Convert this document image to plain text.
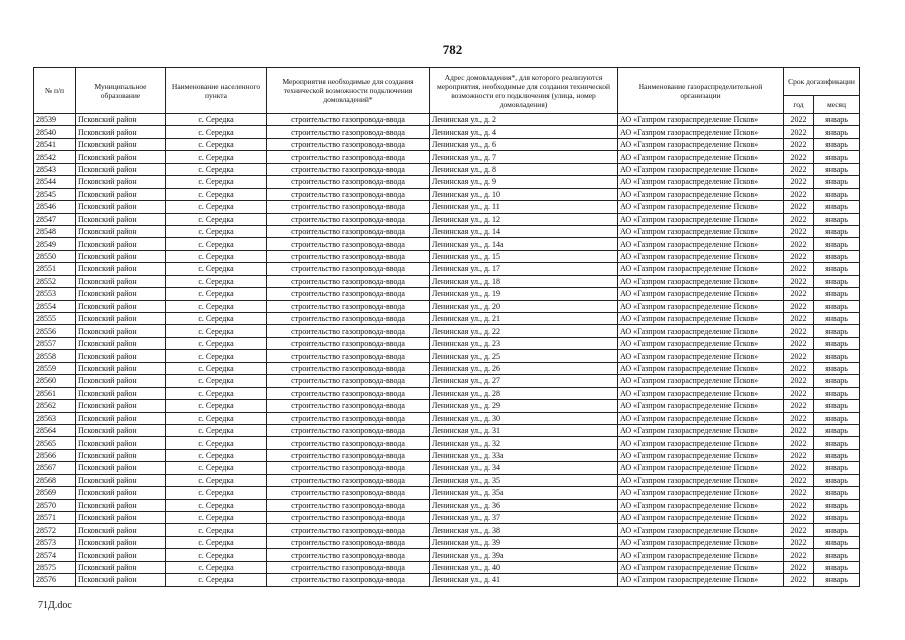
782
№ п/п	Муниципальное образование	Наименование населенного пункта	Мероприятия необходимые для создания технической возможности подключения домовладений*	Адрес домовладения*, для которого реализуются мероприятия, необходимые для создания технической возможности его подключения (улица, номер домовладения)	Наименование газораспределительной организации	Срок догазификации	
						год	месяц
28539	Псковский район	с. Середка	строительство газопровода-ввода	Ленинская ул., д. 2	АО «Газпром газораспределение Псков»	2022	январь
28540	Псковский район	с. Середка	строительство газопровода-ввода	Ленинская ул., д. 4	АО «Газпром газораспределение Псков»	2022	январь
28541	Псковский район	с. Середка	строительство газопровода-ввода	Ленинская ул., д. 6	АО «Газпром газораспределение Псков»	2022	январь
28542	Псковский район	с. Середка	строительство газопровода-ввода	Ленинская ул., д. 7	АО «Газпром газораспределение Псков»	2022	январь
28543	Псковский район	с. Середка	строительство газопровода-ввода	Ленинская ул., д. 8	АО «Газпром газораспределение Псков»	2022	январь
28544	Псковский район	с. Середка	строительство газопровода-ввода	Ленинская ул., д. 9	АО «Газпром газораспределение Псков»	2022	январь
28545	Псковский район	с. Середка	строительство газопровода-ввода	Ленинская ул., д. 10	АО «Газпром газораспределение Псков»	2022	январь
28546	Псковский район	с. Середка	строительство газопровода-ввода	Ленинская ул., д. 11	АО «Газпром газораспределение Псков»	2022	январь
28547	Псковский район	с. Середка	строительство газопровода-ввода	Ленинская ул., д. 12	АО «Газпром газораспределение Псков»	2022	январь
28548	Псковский район	с. Середка	строительство газопровода-ввода	Ленинская ул., д. 14	АО «Газпром газораспределение Псков»	2022	январь
28549	Псковский район	с. Середка	строительство газопровода-ввода	Ленинская ул., д. 14а	АО «Газпром газораспределение Псков»	2022	январь
28550	Псковский район	с. Середка	строительство газопровода-ввода	Ленинская ул., д. 15	АО «Газпром газораспределение Псков»	2022	январь
28551	Псковский район	с. Середка	строительство газопровода-ввода	Ленинская ул., д. 17	АО «Газпром газораспределение Псков»	2022	январь
28552	Псковский район	с. Середка	строительство газопровода-ввода	Ленинская ул., д. 18	АО «Газпром газораспределение Псков»	2022	январь
28553	Псковский район	с. Середка	строительство газопровода-ввода	Ленинская ул., д. 19	АО «Газпром газораспределение Псков»	2022	январь
28554	Псковский район	с. Середка	строительство газопровода-ввода	Ленинская ул., д. 20	АО «Газпром газораспределение Псков»	2022	январь
28555	Псковский район	с. Середка	строительство газопровода-ввода	Ленинская ул., д. 21	АО «Газпром газораспределение Псков»	2022	январь
28556	Псковский район	с. Середка	строительство газопровода-ввода	Ленинская ул., д. 22	АО «Газпром газораспределение Псков»	2022	январь
28557	Псковский район	с. Середка	строительство газопровода-ввода	Ленинская ул., д. 23	АО «Газпром газораспределение Псков»	2022	январь
28558	Псковский район	с. Середка	строительство газопровода-ввода	Ленинская ул., д. 25	АО «Газпром газораспределение Псков»	2022	январь
28559	Псковский район	с. Середка	строительство газопровода-ввода	Ленинская ул., д. 26	АО «Газпром газораспределение Псков»	2022	январь
28560	Псковский район	с. Середка	строительство газопровода-ввода	Ленинская ул., д. 27	АО «Газпром газораспределение Псков»	2022	январь
28561	Псковский район	с. Середка	строительство газопровода-ввода	Ленинская ул., д. 28	АО «Газпром газораспределение Псков»	2022	январь
28562	Псковский район	с. Середка	строительство газопровода-ввода	Ленинская ул., д. 29	АО «Газпром газораспределение Псков»	2022	январь
28563	Псковский район	с. Середка	строительство газопровода-ввода	Ленинская ул., д. 30	АО «Газпром газораспределение Псков»	2022	январь
28564	Псковский район	с. Середка	строительство газопровода-ввода	Ленинская ул., д. 31	АО «Газпром газораспределение Псков»	2022	январь
28565	Псковский район	с. Середка	строительство газопровода-ввода	Ленинская ул., д. 32	АО «Газпром газораспределение Псков»	2022	январь
28566	Псковский район	с. Середка	строительство газопровода-ввода	Ленинская ул., д. 33а	АО «Газпром газораспределение Псков»	2022	январь
28567	Псковский район	с. Середка	строительство газопровода-ввода	Ленинская ул., д. 34	АО «Газпром газораспределение Псков»	2022	январь
28568	Псковский район	с. Середка	строительство газопровода-ввода	Ленинская ул., д. 35	АО «Газпром газораспределение Псков»	2022	январь
28569	Псковский район	с. Середка	строительство газопровода-ввода	Ленинская ул., д. 35а	АО «Газпром газораспределение Псков»	2022	январь
28570	Псковский район	с. Середка	строительство газопровода-ввода	Ленинская ул., д. 36	АО «Газпром газораспределение Псков»	2022	январь
28571	Псковский район	с. Середка	строительство газопровода-ввода	Ленинская ул., д. 37	АО «Газпром газораспределение Псков»	2022	январь
28572	Псковский район	с. Середка	строительство газопровода-ввода	Ленинская ул., д. 38	АО «Газпром газораспределение Псков»	2022	январь
28573	Псковский район	с. Середка	строительство газопровода-ввода	Ленинская ул., д. 39	АО «Газпром газораспределение Псков»	2022	январь
28574	Псковский район	с. Середка	строительство газопровода-ввода	Ленинская ул., д. 39а	АО «Газпром газораспределение Псков»	2022	январь
28575	Псковский район	с. Середка	строительство газопровода-ввода	Ленинская ул., д. 40	АО «Газпром газораспределение Псков»	2022	январь
28576	Псковский район	с. Середка	строительство газопровода-ввода	Ленинская ул., д. 41	АО «Газпром газораспределение Псков»	2022	январь
71Д.doc
